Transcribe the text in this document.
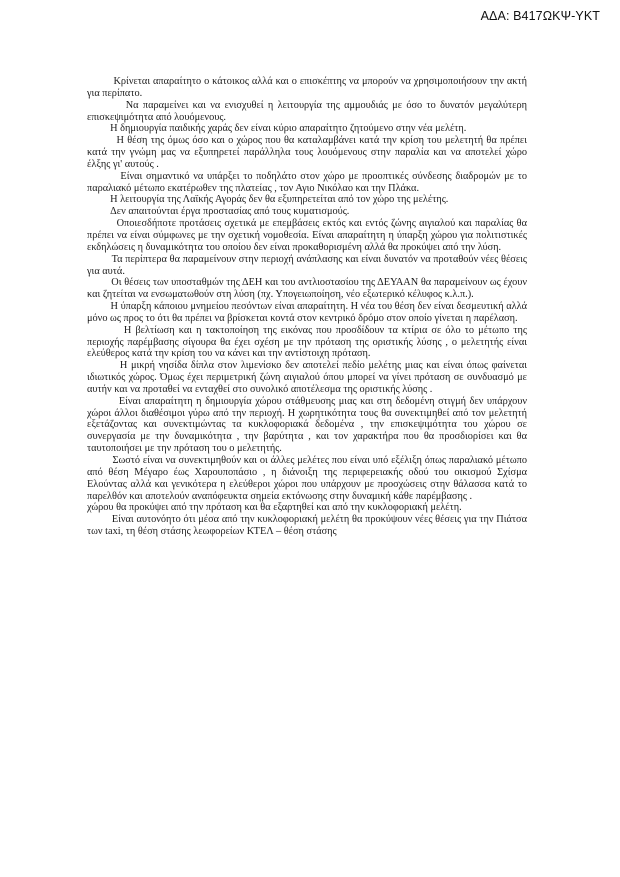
ΑΔΑ: Β417ΩΚΨ-ΥΚΤ

Κρίνεται απαραίτητο ο κάτοικος αλλά και ο επισκέπτης να μπορούν να χρησιμοποιήσουν την ακτή για περίπατο.

Να παραμείνει και να ενισχυθεί η λειτουργία της αμμουδιάς με όσο το δυνατόν μεγαλύτερη επισκεψιμότητα από λουόμενους.

Η δημιουργία παιδικής χαράς δεν είναι κύριο απαραίτητο ζητούμενο στην νέα μελέτη.

Η θέση της όμως όσο και ο χώρος που θα καταλαμβάνει κατά την κρίση του μελετητή θα πρέπει κατά την γνώμη μας να εξυπηρετεί παράλληλα τους λουόμενους στην παραλία και να αποτελεί χώρο έλξης γι' αυτούς .

Είναι σημαντικό να υπάρξει το ποδηλάτο στον χώρο με προοπτικές σύνδεσης διαδρομών με το παραλιακό μέτωπο εκατέρωθεν της πλατείας , τον Αγιο Νικόλαο και την Πλάκα.

Η λειτουργία της Λαϊκής Αγοράς δεν θα εξυπηρετείται από τον χώρο της μελέτης.

Δεν απαιτούνται έργα προστασίας από τους κυματισμούς.

Οποιεσδήποτε προτάσεις σχετικά με επεμβάσεις εκτός και εντός ζώνης αιγιαλού και παραλίας θα πρέπει να είναι σύμφωνες με την σχετική νομοθεσία. Είναι απαραίτητη η ύπαρξη χώρου για πολιτιστικές εκδηλώσεις η δυναμικότητα του οποίου δεν είναι προκαθορισμένη αλλά θα προκύψει από την λύση.

Τα περίπτερα θα παραμείνουν στην περιοχή ανάπλασης και είναι δυνατόν να προταθούν νέες θέσεις για αυτά.

Οι θέσεις των υποσταθμών της ΔΕΗ και του αντλιοστασίου της ΔΕΥΑΑΝ θα παραμείνουν ως έχουν και ζητείται να ενσωματωθούν στη λύση (πχ. Υπογειωποίηση, νέο εξωτερικό κέλυφος κ.λ.π.).

Η ύπαρξη κάποιου μνημείου πεσόντων είναι απαραίτητη. Η νέα του θέση δεν είναι δεσμευτική αλλά μόνο ως προς το ότι θα πρέπει να βρίσκεται κοντά στον κεντρικό δρόμο στον οποίο γίνεται η παρέλαση.

Η βελτίωση και η τακτοποίηση της εικόνας που προσδίδουν τα κτίρια σε όλο το μέτωπο της περιοχής παρέμβασης σίγουρα θα έχει σχέση με την πρόταση της οριστικής λύσης , ο μελετητής είναι ελεύθερος κατά την κρίση του να κάνει και την αντίστοιχη πρόταση.

Η μικρή νησίδα δίπλα στον λιμενίσκο δεν αποτελεί πεδίο μελέτης μιας και είναι όπως φαίνεται ιδιωτικός χώρος. Όμως έχει περιμετρική ζώνη αιγιαλού όπου μπορεί να γίνει πρόταση σε συνδυασμό με αυτήν και να προταθεί να ενταχθεί στο συνολικό αποτέλεσμα της οριστικής λύσης .

Είναι απαραίτητη η δημιουργία χώρου στάθμευσης μιας και στη δεδομένη στιγμή δεν υπάρχουν χώροι άλλοι διαθέσιμοι γύρω από την περιοχή. Η χωρητικότητα τους θα συνεκτιμηθεί από τον μελετητή εξετάζοντας και συνεκτιμώντας τα κυκλοφοριακά δεδομένα , την επισκεψιμότητα του χώρου σε συνεργασία με την δυναμικότητα , την βαρύτητα , και τον χαρακτήρα που θα προσδιορίσει και θα ταυτοποιήσει με την πρόταση του ο μελετητής.

Σωστό είναι να συνεκτιμηθούν και οι άλλες μελέτες που είναι υπό εξέλιξη όπως παραλιακό μέτωπο από θέση Μέγαρο έως Χαρουποπάσιο , η διάνοιξη της περιφερειακής οδού του οικισμού Σχίσμα Ελούντας αλλά και γενικότερα η ελεύθεροι χώροι που υπάρχουν με προσχώσεις στην θάλασσα κατά το παρελθόν και αποτελούν αναπόφευκτα σημεία εκτόνωσης στην δυναμική κάθε παρέμβασης .

χώρου θα προκύψει από την πρόταση και θα εξαρτηθεί και από την κυκλοφοριακή μελέτη.

Είναι αυτονόητο ότι μέσα από την κυκλοφοριακή μελέτη θα προκύψουν νέες θέσεις για την Πιάτσα των taxi, τη θέση στάσης λεωφορείων ΚΤΕΛ – θέση στάσης
